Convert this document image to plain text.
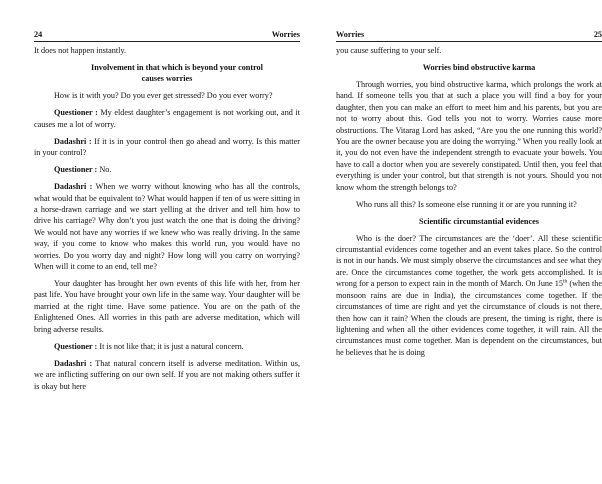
24	Worries

It does not happen instantly.

Involvement in that which is beyond your control
causes worries

How is it with you? Do you ever get stressed? Do you ever worry?

Questioner : My eldest daughter’s engagement is not working out, and it causes me a lot of worry.

Dadashri : If it is in your control then go ahead and worry. Is this matter in your control?

Questioner : No.

Dadashri : When we worry without knowing who has all the controls, what would that be equivalent to? What would happen if ten of us were sitting in a horse-drawn carriage and we start yelling at the driver and tell him how to drive his carriage? Why don’t you just watch the one that is doing the driving? We would not have any worries if we knew who was really driving. In the same way, if you come to know who makes this world run, you would have no worries. Do you worry day and night? How long will you carry on worrying? When will it come to an end, tell me?

Your daughter has brought her own events of this life with her, from her past life. You have brought your own life in the same way. Your daughter will be married at the right time. Have some patience. You are on the path of the Enlightened Ones. All worries in this path are adverse meditation, which will bring adverse results.

Questioner : It is not like that; it is just a natural concern.

Dadashri : That natural concern itself is adverse meditation. Within us, we are inflicting suffering on our own self. If you are not making others suffer it is okay but here

Worries	25

you cause suffering to your self.

Worries bind obstructive karma

Through worries, you bind obstructive karma, which prolongs the work at hand. If someone tells you that at such a place you will find a boy for your daughter, then you can make an effort to meet him and his parents, but you are not to worry about this. God tells you not to worry. Worries cause more obstructions. The Vitarag Lord has asked, “Are you the one running this world? You are the owner because you are doing the worrying.” When you really look at it, you do not even have the independent strength to evacuate your bowels. You have to call a doctor when you are severely constipated. Until then, you feel that everything is under your control, but that strength is not yours. Should you not know whom the strength belongs to?

Who runs all this? Is someone else running it or are you running it?

Scientific circumstantial evidences

Who is the doer? The circumstances are the ‘doer’. All these scientific circumstantial evidences come together and an event takes place. So the control is not in our hands. We must simply observe the circumstances and see what they are. Once the circumstances come together, the work gets accomplished. It is wrong for a person to expect rain in the month of March. On June 15th (when the monsoon rains are due in India), the circumstances come together. If the circumstances of time are right and yet the circumstance of clouds is not there, then how can it rain? When the clouds are present, the timing is right, there is lightening and when all the other evidences come together, it will rain. All the circumstances must come together. Man is dependent on the circumstances, but he believes that he is doing
